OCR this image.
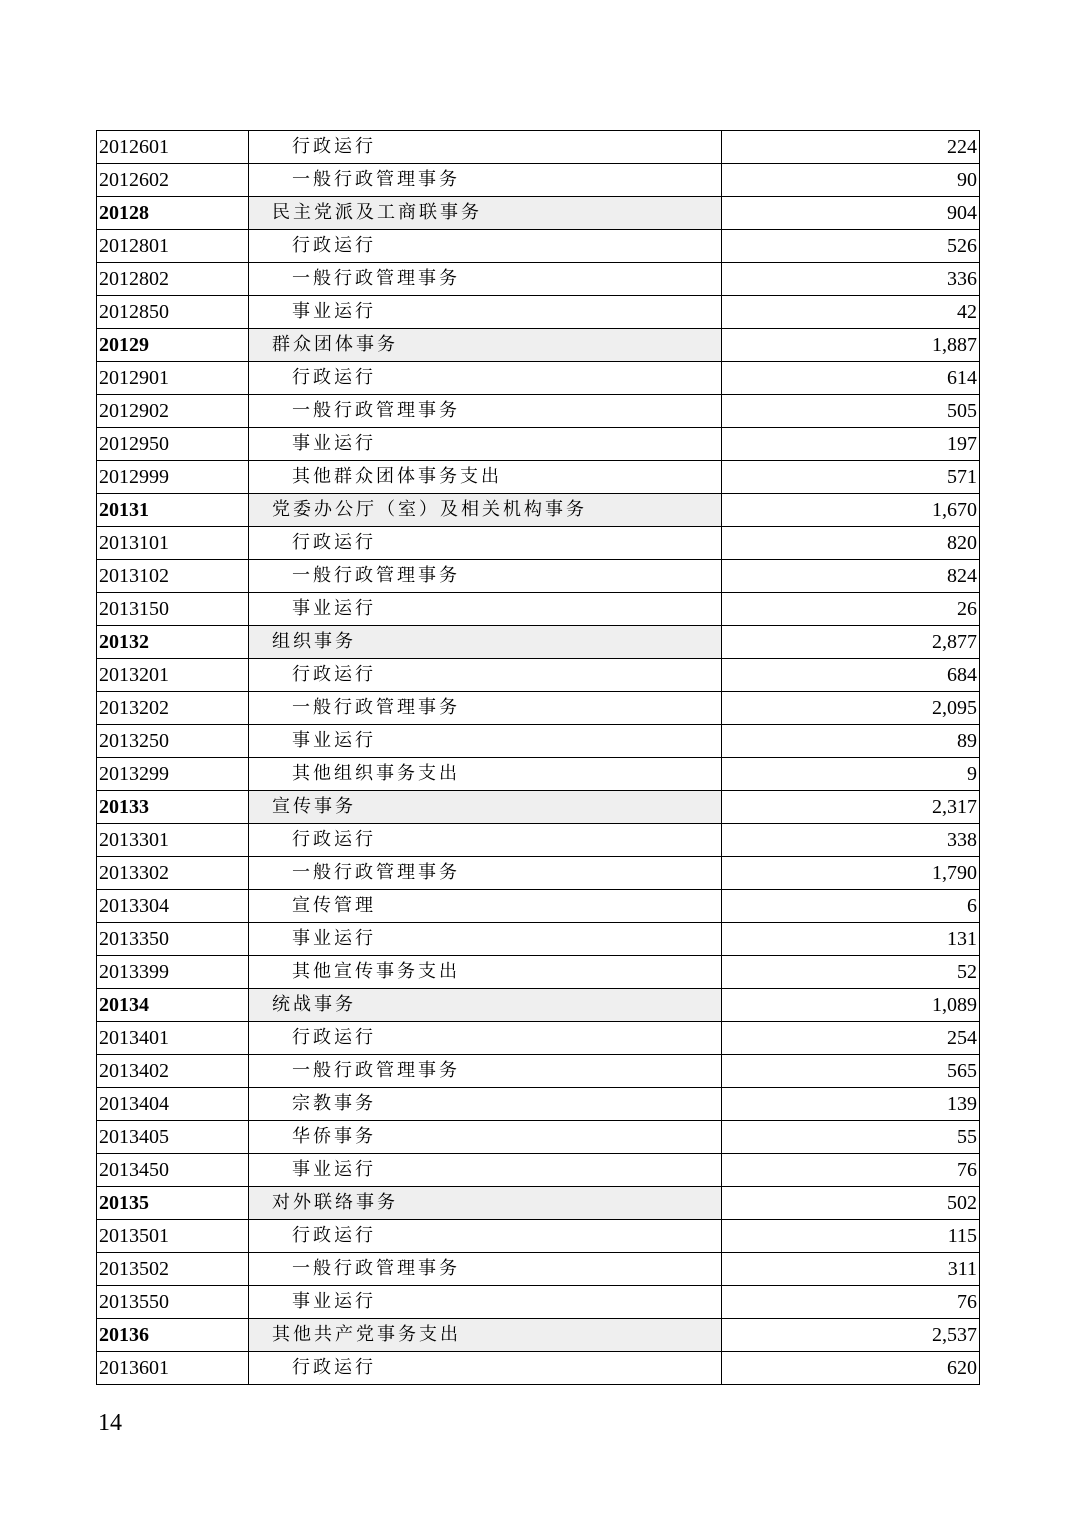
2012601	行政运行	224
2012602	一般行政管理事务	90
20128	民主党派及工商联事务	904
2012801	行政运行	526
2012802	一般行政管理事务	336
2012850	事业运行	42
20129	群众团体事务	1,887
2012901	行政运行	614
2012902	一般行政管理事务	505
2012950	事业运行	197
2012999	其他群众团体事务支出	571
20131	党委办公厅（室）及相关机构事务	1,670
2013101	行政运行	820
2013102	一般行政管理事务	824
2013150	事业运行	26
20132	组织事务	2,877
2013201	行政运行	684
2013202	一般行政管理事务	2,095
2013250	事业运行	89
2013299	其他组织事务支出	9
20133	宣传事务	2,317
2013301	行政运行	338
2013302	一般行政管理事务	1,790
2013304	宣传管理	6
2013350	事业运行	131
2013399	其他宣传事务支出	52
20134	统战事务	1,089
2013401	行政运行	254
2013402	一般行政管理事务	565
2013404	宗教事务	139
2013405	华侨事务	55
2013450	事业运行	76
20135	对外联络事务	502
2013501	行政运行	115
2013502	一般行政管理事务	311
2013550	事业运行	76
20136	其他共产党事务支出	2,537
2013601	行政运行	620
14
